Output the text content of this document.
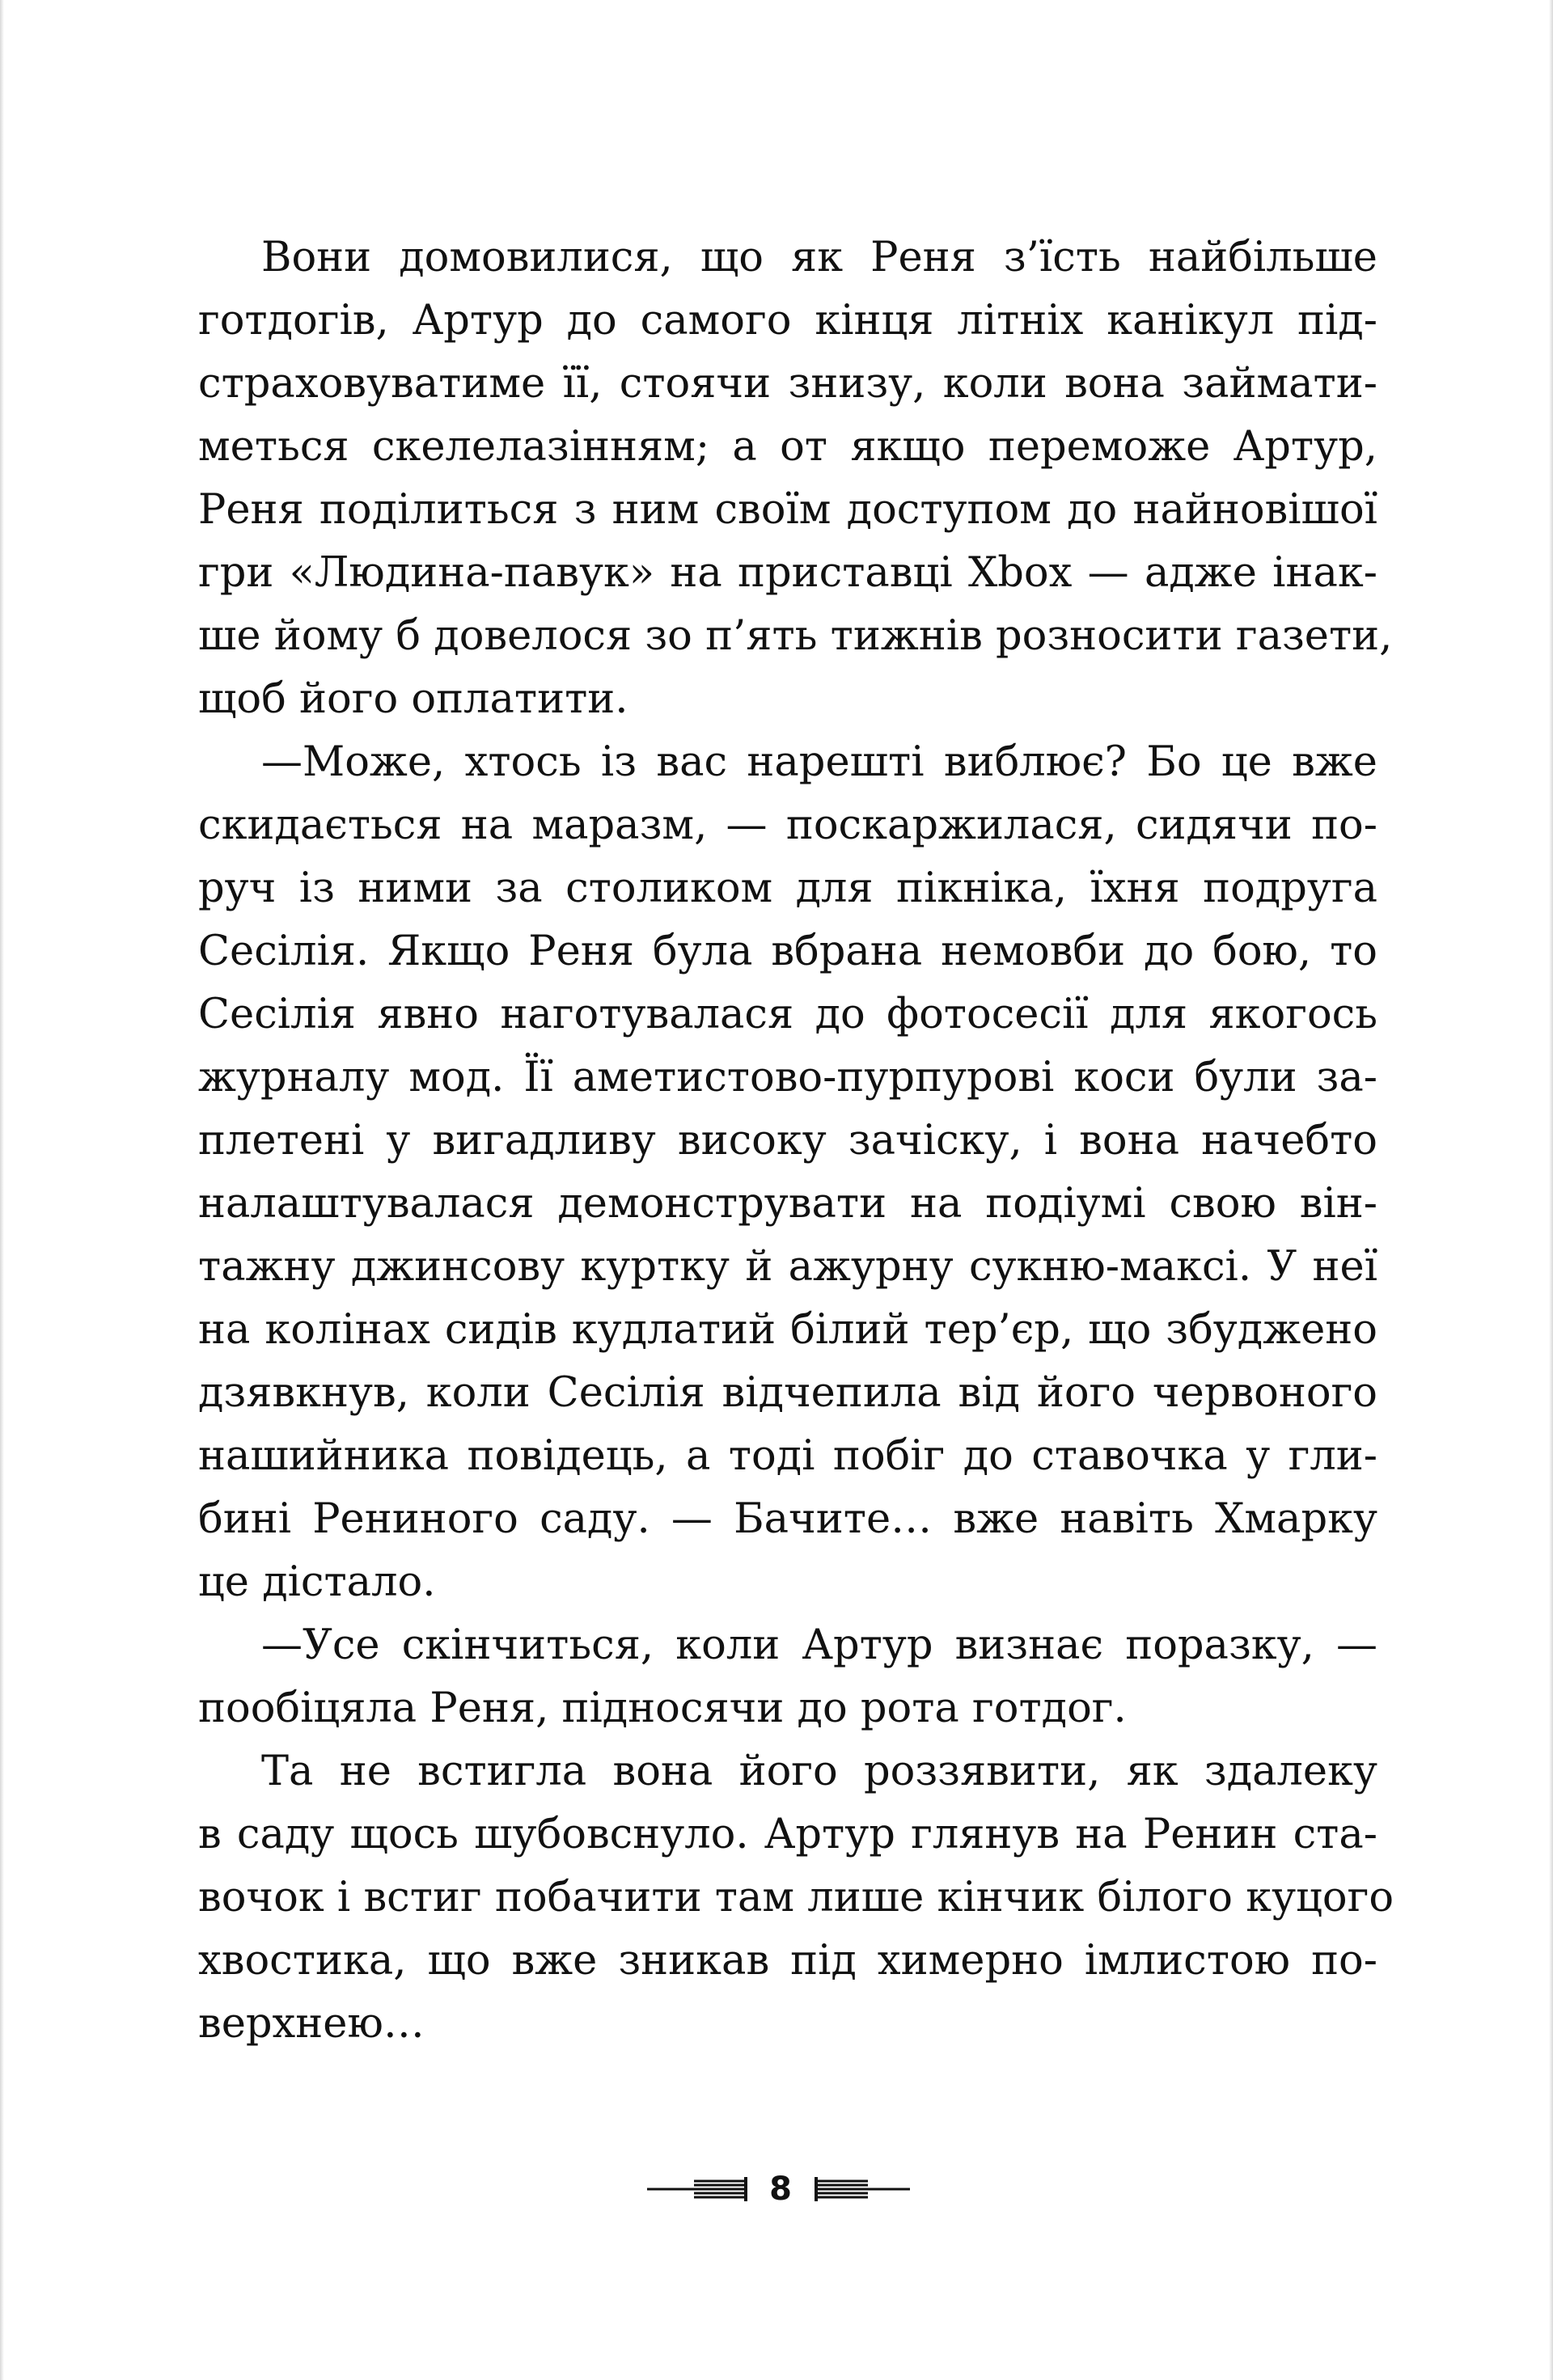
Вони домовилися, що як Реня з’їсть найбільше
готдогів, Артур до самого кінця літніх канікул під-
страховуватиме її, стоячи знизу, коли вона займати-
меться скелелазінням; а от якщо переможе Артур,
Реня поділиться з ним своїм доступом до найновішої
гри «Людина-павук» на приставці Xbox — адже інак-
ше йому б довелося зо п’ять тижнів розносити газети,
щоб його оплатити.
—Може, хтось із вас нарешті виблює? Бо це вже
скидається на маразм, — поскаржилася, сидячи по-
руч із ними за столиком для пікніка, їхня подруга
Сесілія. Якщо Реня була вбрана немовби до бою, то
Сесілія явно наготувалася до фотосесії для якогось
журналу мод. Її аметистово-пурпурові коси були за-
плетені у вигадливу високу зачіску, і вона начебто
налаштувалася демонструвати на подіумі свою він-
тажну джинсову куртку й ажурну сукню-максі. У неї
на колінах сидів кудлатий білий тер’єр, що збуджено
дзявкнув, коли Сесілія відчепила від його червоного
нашийника повідець, а тоді побіг до ставочка у гли-
бині Рениного саду. — Бачите… вже навіть Хмарку
це дістало.
—Усе скінчиться, коли Артур визнає поразку, —
пообіцяла Реня, підносячи до рота готдог.
Та не встигла вона його роззявити, як здалеку
в саду щось шубовснуло. Артур глянув на Ренин ста-
вочок і встиг побачити там лише кінчик білого куцого
хвостика, що вже зникав під химерно імлистою по-
верхнею…
8
